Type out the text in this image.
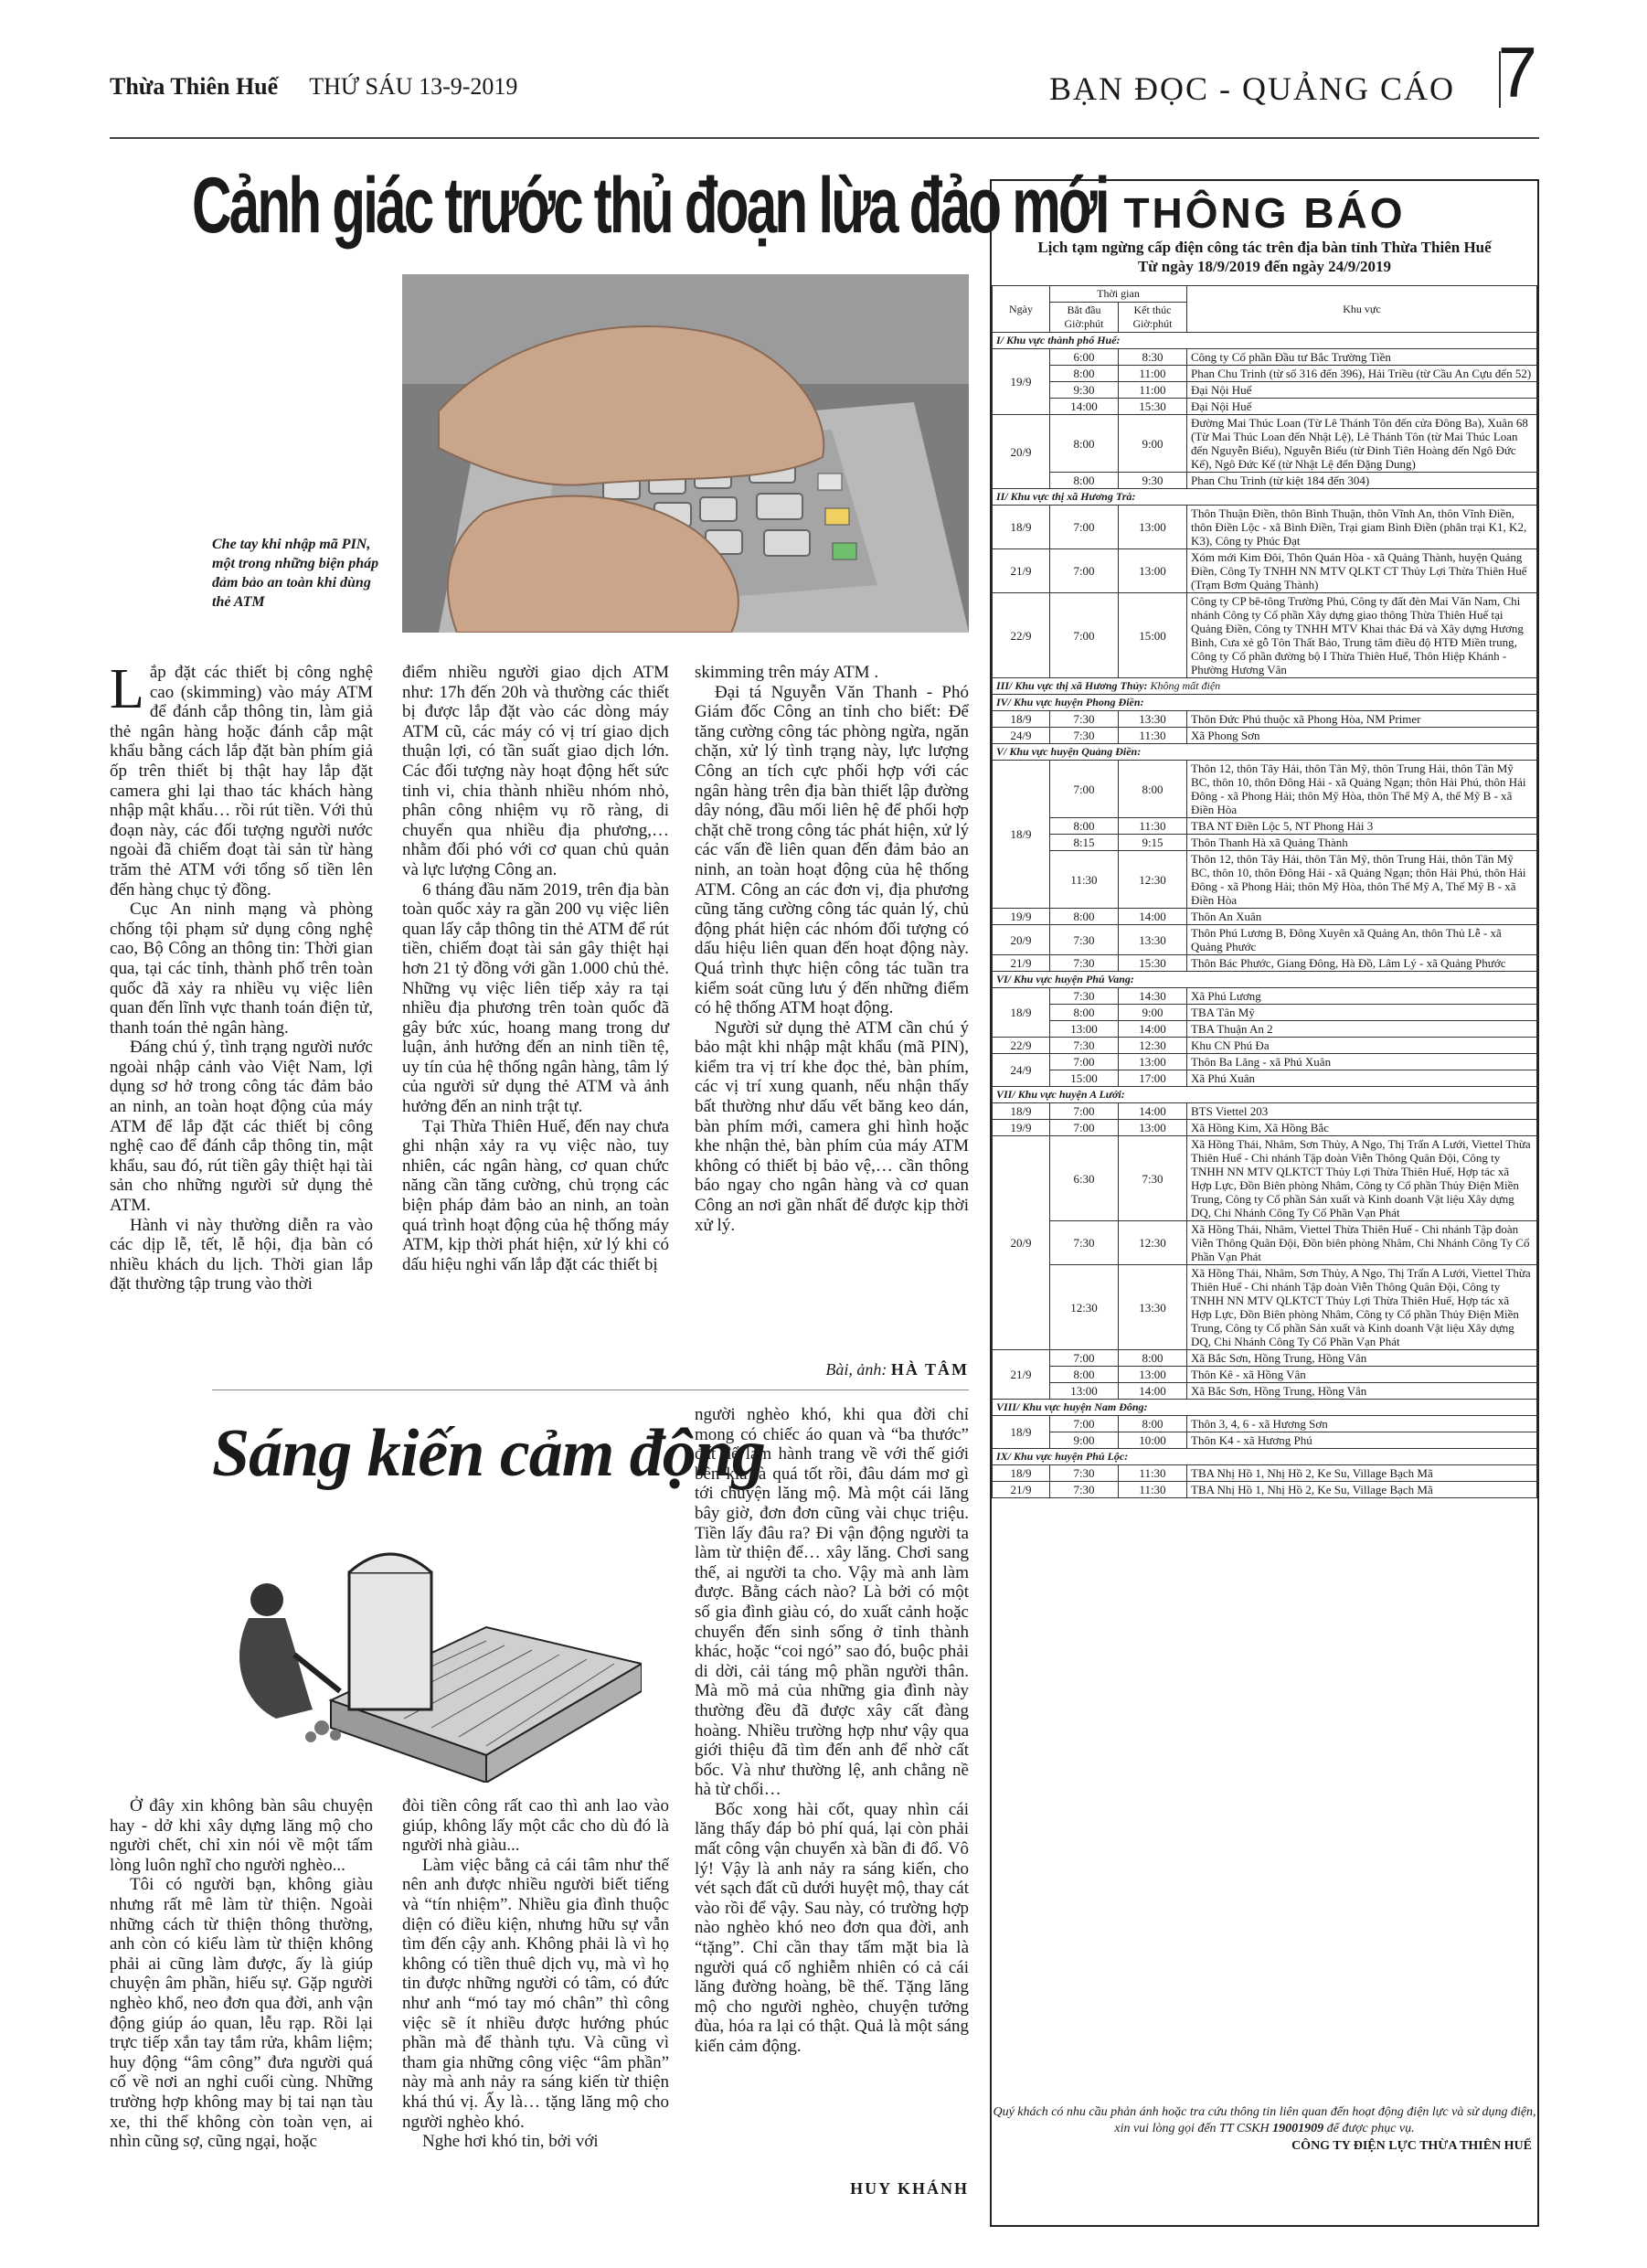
Thừa Thiên Huế THỨ SÁU 13-9-2019	BẠN ĐỌC - QUẢNG CÁO 7
Cảnh giác trước thủ đoạn lừa đảo mới
Che tay khi nhập mã PIN, một trong những biện pháp đảm bảo an toàn khi dùng thẻ ATM

Lắp đặt các thiết bị công nghệ cao (skimming) vào máy ATM để đánh cắp thông tin, làm giả thẻ ngân hàng hoặc đánh cắp mật khẩu bằng cách lắp đặt bàn phím giả ốp trên thiết bị thật hay lắp đặt camera ghi lại thao tác khách hàng nhập mật khẩu… rồi rút tiền. Với thủ đoạn này, các đối tượng người nước ngoài đã chiếm đoạt tài sản từ hàng trăm thẻ ATM với tổng số tiền lên đến hàng chục tỷ đồng.

Cục An ninh mạng và phòng chống tội phạm sử dụng công nghệ cao, Bộ Công an thông tin: Thời gian qua, tại các tỉnh, thành phố trên toàn quốc đã xảy ra nhiều vụ việc liên quan đến lĩnh vực thanh toán điện tử, thanh toán thẻ ngân hàng.

Đáng chú ý, tình trạng người nước ngoài nhập cảnh vào Việt Nam, lợi dụng sơ hở trong công tác đảm bảo an ninh, an toàn hoạt động của máy ATM để lắp đặt các thiết bị công nghệ cao để đánh cắp thông tin, mật khẩu, sau đó, rút tiền gây thiệt hại tài sản cho những người sử dụng thẻ ATM.

Hành vi này thường diễn ra vào các dịp lễ, tết, lễ hội, địa bàn có nhiều khách du lịch. Thời gian lắp đặt thường tập trung vào thời

điểm nhiều người giao dịch ATM như: 17h đến 20h và thường các thiết bị được lắp đặt vào các dòng máy ATM cũ, các máy có vị trí giao dịch thuận lợi, có tần suất giao dịch lớn. Các đối tượng này hoạt động hết sức tinh vi, chia thành nhiều nhóm nhỏ, phân công nhiệm vụ rõ ràng, di chuyển qua nhiều địa phương,… nhằm đối phó với cơ quan chủ quản và lực lượng Công an.

6 tháng đầu năm 2019, trên địa bàn toàn quốc xảy ra gần 200 vụ việc liên quan lấy cắp thông tin thẻ ATM để rút tiền, chiếm đoạt tài sản gây thiệt hại hơn 21 tỷ đồng với gần 1.000 chủ thẻ. Những vụ việc liên tiếp xảy ra tại nhiều địa phương trên toàn quốc đã gây bức xúc, hoang mang trong dư luận, ảnh hưởng đến an ninh tiền tệ, uy tín của hệ thống ngân hàng, tâm lý của người sử dụng thẻ ATM và ảnh hưởng đến an ninh trật tự.

Tại Thừa Thiên Huế, đến nay chưa ghi nhận xảy ra vụ việc nào, tuy nhiên, các ngân hàng, cơ quan chức năng cần tăng cường, chủ trọng các biện pháp đảm bảo an ninh, an toàn quá trình hoạt động của hệ thống máy ATM, kịp thời phát hiện, xử lý khi có dấu hiệu nghi vấn lắp đặt các thiết bị

skimming trên máy ATM .

Đại tá Nguyễn Văn Thanh - Phó Giám đốc Công an tỉnh cho biết: Để tăng cường công tác phòng ngừa, ngăn chặn, xử lý tình trạng này, lực lượng Công an tích cực phối hợp với các ngân hàng trên địa bàn thiết lập đường dây nóng, đầu mối liên hệ để phối hợp chặt chẽ trong công tác phát hiện, xử lý các vấn đề liên quan đến đảm bảo an ninh, an toàn hoạt động của hệ thống ATM. Công an các đơn vị, địa phương cũng tăng cường công tác quản lý, chủ động phát hiện các nhóm đối tượng có dấu hiệu liên quan đến hoạt động này. Quá trình thực hiện công tác tuần tra kiểm soát cũng lưu ý đến những điểm có hệ thống ATM hoạt động.

Người sử dụng thẻ ATM cần chú ý bảo mật khi nhập mật khẩu (mã PIN), kiểm tra vị trí khe đọc thẻ, bàn phím, các vị trí xung quanh, nếu nhận thấy bất thường như dấu vết băng keo dán, bàn phím mới, camera ghi hình hoặc khe nhận thẻ, bàn phím của máy ATM không có thiết bị bảo vệ,… cần thông báo ngay cho ngân hàng và cơ quan Công an nơi gần nhất để được kịp thời xử lý.

Bài, ảnh: HÀ TÂM
Sáng kiến cảm động

Ở đây xin không bàn sâu chuyện hay - dở khi xây dựng lăng mộ cho người chết, chỉ xin nói về một tấm lòng luôn nghĩ cho người nghèo...

Tôi có người bạn, không giàu nhưng rất mê làm từ thiện. Ngoài những cách từ thiện thông thường, anh còn có kiểu làm từ thiện không phải ai cũng làm được, ấy là giúp chuyện âm phần, hiếu sự. Gặp người nghèo khổ, neo đơn qua đời, anh vận động giúp áo quan, lễu rạp. Rồi lại trực tiếp xắn tay tắm rửa, khâm liệm; huy động “âm công” đưa người quá cố về nơi an nghỉ cuối cùng. Những trường hợp không may bị tai nạn tàu xe, thi thể không còn toàn vẹn, ai nhìn cũng sợ, cũng ngại, hoặc

đòi tiền công rất cao thì anh lao vào giúp, không lấy một cắc cho dù đó là người nhà giàu...

Làm việc bằng cả cái tâm như thế nên anh được nhiều người biết tiếng và “tín nhiệm”. Nhiều gia đình thuộc diện có điều kiện, nhưng hữu sự vẫn tìm đến cậy anh. Không phải là vì họ không có tiền thuê dịch vụ, mà vì họ tin được những người có tâm, có đức như anh “mó tay mó chân” thì công việc sẽ ít nhiều được hướng phúc phần mà để thành tựu. Và cũng vì tham gia những công việc “âm phần” này mà anh nảy ra sáng kiến từ thiện khá thú vị. Ấy là… tặng lăng mộ cho người nghèo khó.

Nghe hơi khó tin, bởi với

người nghèo khó, khi qua đời chỉ mong có chiếc áo quan và “ba thước” đất để làm hành trang về với thế giới bên kia là quá tốt rồi, đâu dám mơ gì tới chuyện lăng mộ. Mà một cái lăng bây giờ, đơn đơn cũng vài chục triệu. Tiền lấy đâu ra? Đi vận động người ta làm từ thiện để… xây lăng. Chơi sang thế, ai người ta cho. Vậy mà anh làm được. Bằng cách nào? Là bởi có một số gia đình giàu có, do xuất cảnh hoặc chuyển đến sinh sống ở tỉnh thành khác, hoặc “coi ngó” sao đó, buộc phải di dời, cải táng mộ phần người thân. Mà mồ mả của những gia đình này thường đều đã được xây cất đàng hoàng. Nhiều trường hợp như vậy qua giới thiệu đã tìm đến anh để nhờ cất bốc. Và như thường lệ, anh chẳng nề hà từ chối…

Bốc xong hài cốt, quay nhìn cái lăng thấy đáp bỏ phí quá, lại còn phải mất công vận chuyển xà bần đi đổ. Vô lý! Vậy là anh nảy ra sáng kiến, cho vét sạch đất cũ dưới huyệt mộ, thay cát vào rồi để vậy. Sau này, có trường hợp nào nghèo khó neo đơn qua đời, anh “tặng”. Chỉ cần thay tấm mặt bia là người quá cố nghiễm nhiên có cả cái lăng đường hoàng, bề thế. Tặng lăng mộ cho người nghèo, chuyện tưởng đùa, hóa ra lại có thật. Quả là một sáng kiến cảm động.

HUY KHÁNH
THÔNG BÁO
Lịch tạm ngừng cấp điện công tác trên địa bàn tỉnh Thừa Thiên Huế
Từ ngày 18/9/2019 đến ngày 24/9/2019
Ngày	Thời gian		Khu vực
	Bắt đầu Giờ:phút	Kết thúc Giờ:phút	
I/ Khu vực thành phố Huế:			
19/9	6:00	8:30	Công ty Cổ phần Đầu tư Bắc Trường Tiền
	8:00	11:00	Phan Chu Trinh (từ số 316 đến 396), Hải Triều (từ Cầu An Cựu đến 52)
	9:30	11:00	Đại Nội Huế
	14:00	15:30	Đại Nội Huế
20/9	8:00	9:00	Đường Mai Thúc Loan (Từ Lê Thánh Tôn đến cửa Đông Ba), Xuân 68 (Từ Mai Thúc Loan đến Nhật Lệ), Lê Thánh Tôn (từ Mai Thúc Loan đến Nguyễn Biểu), Nguyễn Biểu (từ Đinh Tiên Hoàng đến Ngô Đức Kế), Ngô Đức Kế (từ Nhật Lệ đến Đặng Dung)
	8:00	9:30	Phan Chu Trinh (từ kiệt 184 đến 304)
II/ Khu vực thị xã Hương Trà:			
18/9	7:00	13:00	Thôn Thuận Điền, thôn Bình Thuận, thôn Vĩnh An, thôn Vĩnh Điền, thôn Điền Lộc - xã Bình Điền, Trại giam Bình Điền (phân trại K1, K2, K3), Công ty Phúc Đạt
21/9	7:00	13:00	Xóm mới Kim Đôi, Thôn Quán Hòa - xã Quảng Thành, huyện Quảng Điền, Công Ty TNHH NN MTV QLKT CT Thủy Lợi Thừa Thiên Huế (Trạm Bơm Quảng Thành)
22/9	7:00	15:00	Công ty CP bê-tông Trường Phú, Công ty đất đèn Mai Văn Nam, Chi nhánh Công ty Cổ phần Xây dựng giao thông Thừa Thiên Huế tại Quảng Điền, Công ty TNHH MTV Khai thác Đá và Xây dựng Hương Bình, Cưa xẻ gỗ Tôn Thất Bảo, Trung tâm điều độ HTĐ Miền trung, Công ty Cổ phần đường bộ I Thừa Thiên Huế, Thôn Hiệp Khánh - Phường Hương Vân
III/ Khu vực thị xã Hương Thủy: Không mất điện			
IV/ Khu vực huyện Phong Điền:			
18/9	7:30	13:30	Thôn Đức Phú thuộc xã Phong Hòa, NM Primer
24/9	7:30	11:30	Xã Phong Sơn
V/ Khu vực huyện Quảng Điền:			
18/9	7:00	8:00	Thôn 12, thôn Tây Hải, thôn Tân Mỹ, thôn Trung Hải, thôn Tân Mỹ BC, thôn 10, thôn Đông Hải - xã Quảng Ngạn; thôn Hải Phú, thôn Hải Đông - xã Phong Hải; thôn Mỹ Hòa, thôn Thế Mỹ A, thế Mỹ B - xã Điền Hòa
	8:00	11:30	TBA NT Điền Lộc 5, NT Phong Hải 3
	8:15	9:15	Thôn Thanh Hà xã Quảng Thành
	11:30	12:30	Thôn 12, thôn Tây Hải, thôn Tân Mỹ, thôn Trung Hải, thôn Tân Mỹ BC, thôn 10, thôn Đông Hải - xã Quảng Ngạn; thôn Hải Phú, thôn Hải Đông - xã Phong Hải; thôn Mỹ Hòa, thôn Thế Mỹ A, Thế Mỹ B - xã Điền Hòa
19/9	8:00	14:00	Thôn An Xuân
20/9	7:30	13:30	Thôn Phú Lương B, Đông Xuyên xã Quảng An, thôn Thủ Lễ - xã Quảng Phước
21/9	7:30	15:30	Thôn Bác Phước, Giang Đông, Hà Đồ, Lâm Lý - xã Quảng Phước
VI/ Khu vực huyện Phú Vang:			
18/9	7:30	14:30	Xã Phú Lương
	8:00	9:00	TBA Tân Mỹ
	13:00	14:00	TBA Thuận An 2
22/9	7:30	12:30	Khu CN Phú Đa
24/9	7:00	13:00	Thôn Ba Lăng - xã Phú Xuân
	15:00	17:00	Xã Phú Xuân
VII/ Khu vực huyện A Lưới:			
18/9	7:00	14:00	BTS Viettel 203
19/9	7:00	13:00	Xã Hồng Kim, Xã Hồng Bắc
20/9	6:30	7:30	Xã Hồng Thái, Nhâm, Sơn Thủy, A Ngo, Thị Trấn A Lưới, Viettel Thừa Thiên Huế - Chi nhánh Tập đoàn Viễn Thông Quân Đội, Công ty TNHH NN MTV QLKTCT Thủy Lợi Thừa Thiên Huế, Hợp tác xã Hợp Lực, Đồn Biên phòng Nhâm, Công ty Cổ phần Thủy Điện Miền Trung, Công ty Cổ phần Sản xuất và Kinh doanh Vật liệu Xây dựng DQ, Chi Nhánh Công Ty Cổ Phần Vạn Phát
	7:30	12:30	Xã Hồng Thái, Nhâm, Viettel Thừa Thiên Huế - Chi nhánh Tập đoàn Viễn Thông Quân Đội, Đồn biên phòng Nhâm, Chi Nhánh Công Ty Cổ Phần Vạn Phát
	12:30	13:30	Xã Hồng Thái, Nhâm, Sơn Thủy, A Ngo, Thị Trấn A Lưới, Viettel Thừa Thiên Huế - Chi nhánh Tập đoàn Viễn Thông Quân Đội, Công ty TNHH NN MTV QLKTCT Thủy Lợi Thừa Thiên Huế, Hợp tác xã Hợp Lực, Đồn Biên phòng Nhâm, Công ty Cổ phần Thủy Điện Miền Trung, Công ty Cổ phần Sản xuất và Kinh doanh Vật liệu Xây dựng DQ, Chi Nhánh Công Ty Cổ Phần Vạn Phát
21/9	7:00	8:00	Xã Bắc Sơn, Hồng Trung, Hồng Vân
	8:00	13:00	Thôn Kê - xã Hồng Vân
	13:00	14:00	Xã Bắc Sơn, Hồng Trung, Hồng Vân
VIII/ Khu vực huyện Nam Đông:			
18/9	7:00	8:00	Thôn 3, 4, 6 - xã Hương Sơn
	9:00	10:00	Thôn K4 - xã Hương Phú
IX/ Khu vực huyện Phú Lộc:			
18/9	7:30	11:30	TBA Nhị Hồ 1, Nhị Hồ 2, Ke Su, Village Bạch Mã
21/9	7:30	11:30	TBA Nhị Hồ 1, Nhị Hồ 2, Ke Su, Village Bạch Mã
Quý khách có nhu cầu phản ánh hoặc tra cứu thông tin liên quan đến hoạt động điện lực và sử dụng điện, xin vui lòng gọi đến TT CSKH 19001909 để được phục vụ.
CÔNG TY ĐIỆN LỰC THỪA THIÊN HUẾ
